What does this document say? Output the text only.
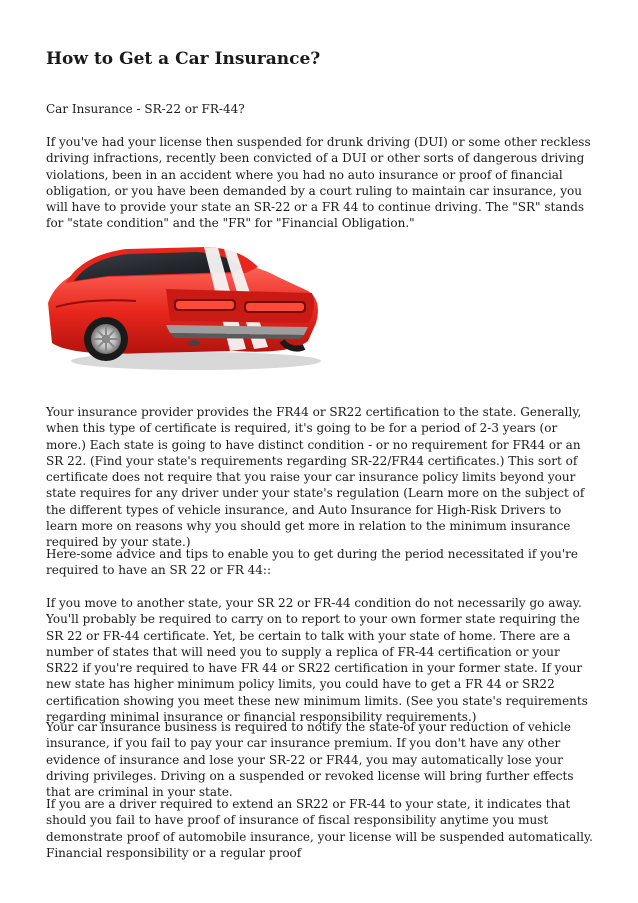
How to Get a Car Insurance?

Car Insurance - SR-22 or FR-44?

If you've had your license then suspended for drunk driving (DUI) or some other reckless driving infractions, recently been convicted of a DUI or other sorts of dangerous driving violations, been in an accident where you had no auto insurance or proof of financial obligation, or you have been demanded by a court ruling to maintain car insurance, you will have to provide your state an SR-22 or a FR 44 to continue driving. The "SR" stands for "state condition" and the "FR" for "Financial Obligation."

Your insurance provider provides the FR44 or SR22 certification to the state. Generally, when this type of certificate is required, it's going to be for a period of 2-3 years (or more.) Each state is going to have distinct condition - or no requirement for FR44 or an SR 22. (Find your state's requirements regarding SR-22/FR44 certificates.) This sort of certificate does not require that you raise your car insurance policy limits beyond your state requires for any driver under your state's regulation (Learn more on the subject of the different types of vehicle insurance, and Auto Insurance for High-Risk Drivers to learn more on reasons why you should get more in relation to the minimum insurance required by your state.)

Here-some advice and tips to enable you to get during the period necessitated if you're required to have an SR 22 or FR 44::

If you move to another state, your SR 22 or FR-44 condition do not necessarily go away. You'll probably be required to carry on to report to your own former state requiring the SR 22 or FR-44 certificate. Yet, be certain to talk with your state of home. There are a number of states that will need you to supply a replica of FR-44 certification or your SR22 if you're required to have FR 44 or SR22 certification in your former state. If your new state has higher minimum policy limits, you could have to get a FR 44 or SR22 certification showing you meet these new minimum limits. (See you state's requirements regarding minimal insurance or financial responsibility requirements.)

Your car insurance business is required to notify the state-of your reduction of vehicle insurance, if you fail to pay your car insurance premium. If you don't have any other evidence of insurance and lose your SR-22 or FR44, you may automatically lose your driving privileges. Driving on a suspended or revoked license will bring further effects that are criminal in your state.

If you are a driver required to extend an SR22 or FR-44 to your state, it indicates that should you fail to have proof of insurance of fiscal responsibility anytime you must demonstrate proof of automobile insurance, your license will be suspended automatically. Financial responsibility or a regular proof
